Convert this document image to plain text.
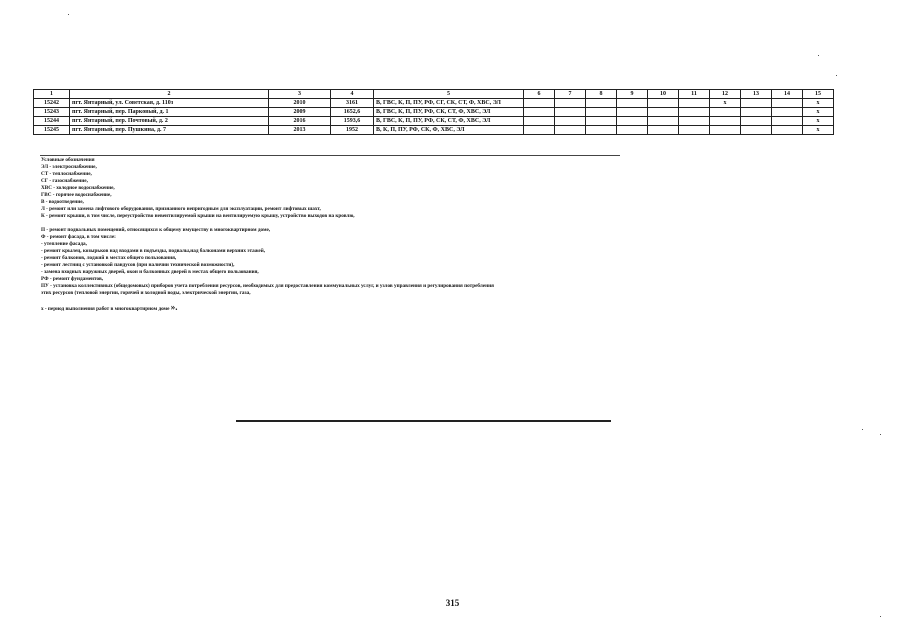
1	2	3	4	5	6	7	8	9	10	11	12	13	14	15
15242	пгт. Янтарный, ул. Советская, д. 110з	2010	3161	В, ГВС, К, П, ПУ, РФ, СГ, СК, СТ, Ф, ХВС, ЭЛ							х			х
15243	пгт. Янтарный, пер. Парковый, д. 1	2009	1652,6	В, ГВС, К, П, ПУ, РФ, СК, СТ, Ф, ХВС, ЭЛ										х
15244	пгт. Янтарный, пер. Почтовый, д. 2	2016	1593,6	В, ГВС, К, П, ПУ, РФ, СК, СТ, Ф, ХВС, ЭЛ										х
15245	пгт. Янтарный, пер. Пушкина, д. 7	2013	1952	В, К, П, ПУ, РФ, СК, Ф, ХВС, ЭЛ										х
Условные обозначения
ЭЛ - электроснабжение,
СТ - теплоснабжение,
СГ - газоснабжение,
ХВС - холодное водоснабжение,
ГВС - горячее водоснабжение,
В - водоотведение,
Л - ремонт или замена лифтового оборудования, признанного непригодным для эксплуатации, ремонт лифтовых шахт,
К - ремонт крыши, в том числе, переустройство невентилируемой крыши на вентилируемую крышу, устройство выходов на кровлю,
П - ремонт подвальных помещений, относящихся к общему имуществу в многоквартирном доме,
Ф - ремонт фасада, в том числе:
- утепление фасада,
- ремонт крылец, козырьков над входами в подъезды, подвалы,над балконами верхних этажей,
- ремонт балконов, лоджий в местах общего пользования,
- ремонт лестниц с установкой пандусов (при наличии технической возможности),
- замена входных наружных дверей, окон и балконных дверей в местах общего пользования,
РФ - ремонт фундаментов,
ПУ - установка коллективных (общедомовых) приборов учета потребления ресурсов, необходимых для предоставления коммунальных услуг, и узлов управления и регулирования потребления
этих ресурсов (тепловой энергии, горячей и холодной воды, электрической энергии, газа,
х - период выполнения работ в многоквартирном доме ».
315
